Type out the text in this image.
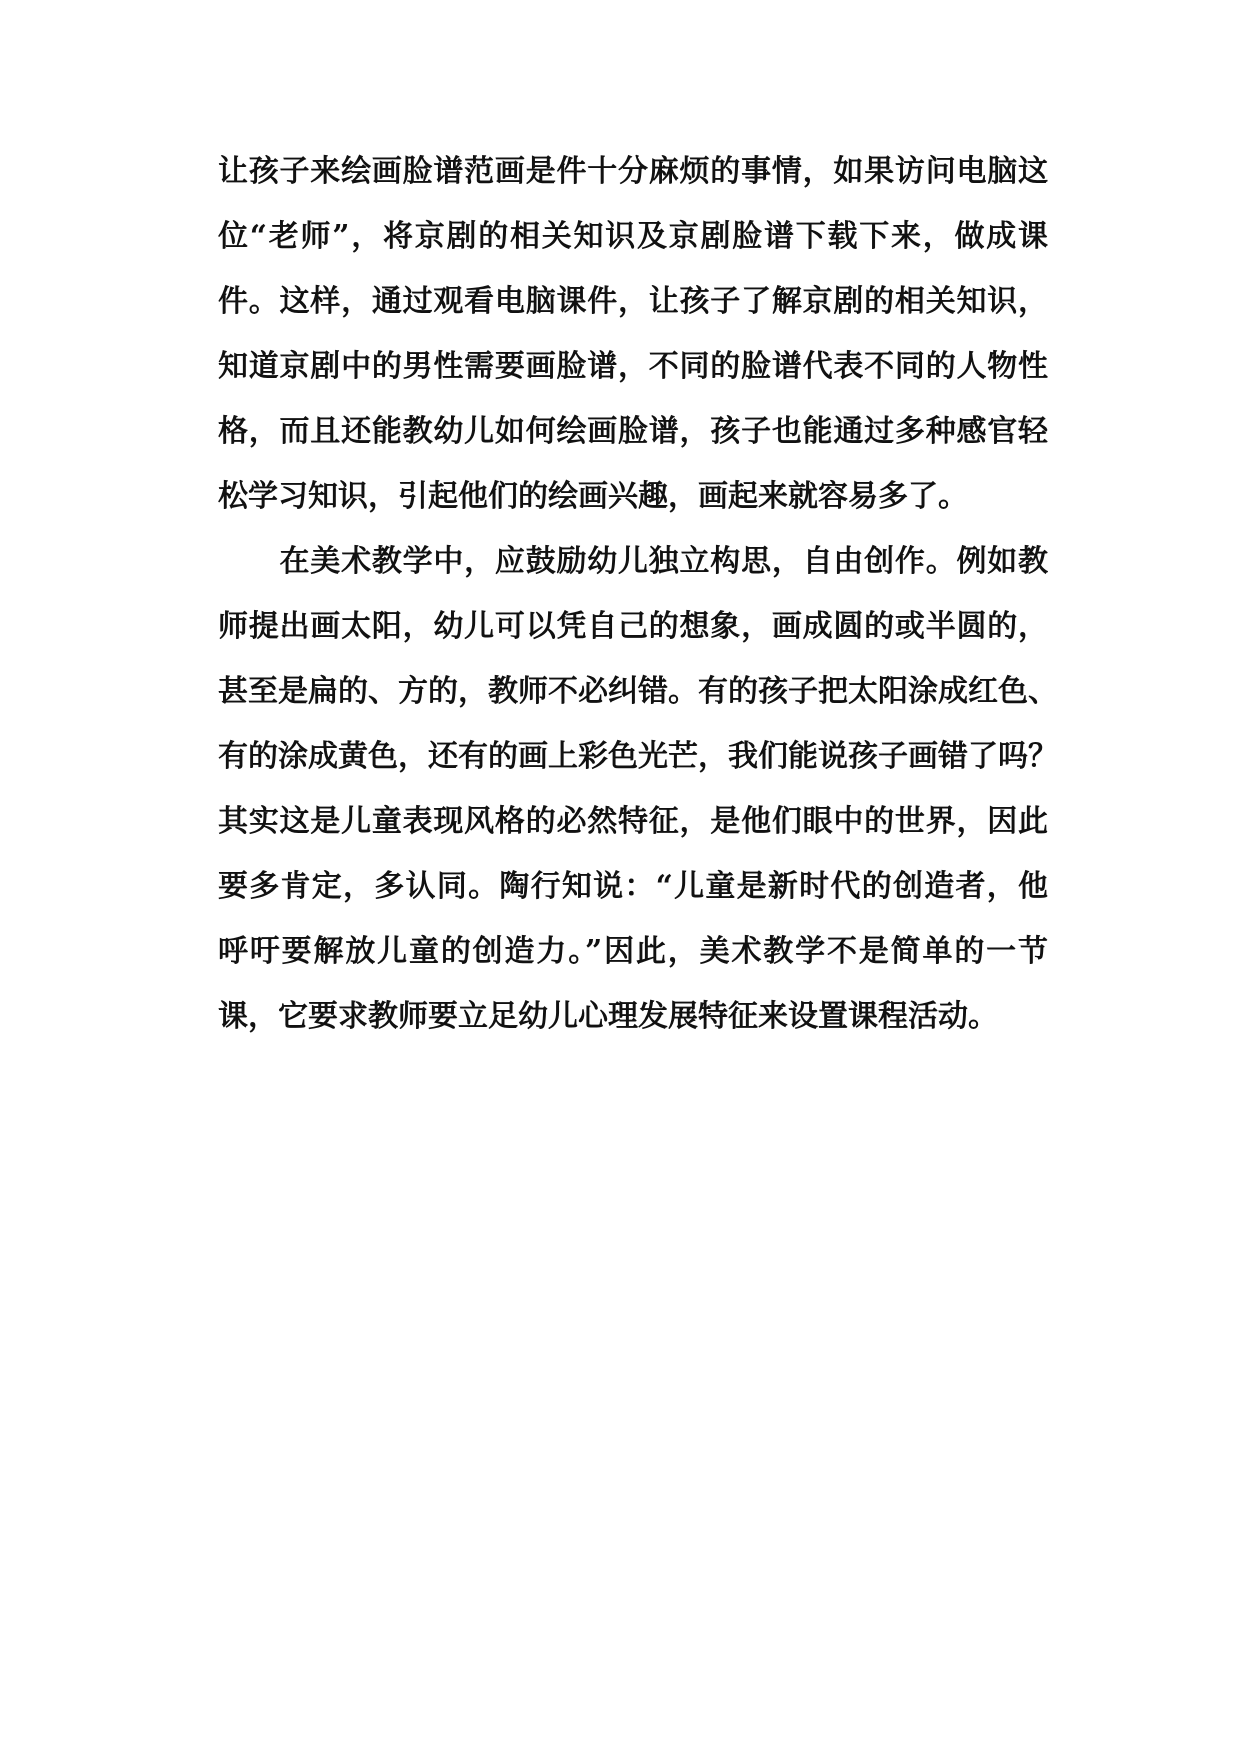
让孩子来绘画脸谱范画是件十分麻烦的事情，如果访问电脑这
位“老师”，将京剧的相关知识及京剧脸谱下载下来，做成课
件。这样，通过观看电脑课件，让孩子了解京剧的相关知识，
知道京剧中的男性需要画脸谱，不同的脸谱代表不同的人物性
格，而且还能教幼儿如何绘画脸谱，孩子也能通过多种感官轻
松学习知识，引起他们的绘画兴趣，画起来就容易多了。
　　在美术教学中，应鼓励幼儿独立构思，自由创作。例如教
师提出画太阳，幼儿可以凭自己的想象，画成圆的或半圆的，
甚至是扁的、方的，教师不必纠错。有的孩子把太阳涂成红色、
有的涂成黄色，还有的画上彩色光芒，我们能说孩子画错了吗？
其实这是儿童表现风格的必然特征，是他们眼中的世界，因此
要多肯定，多认同。陶行知说：“儿童是新时代的创造者，他
呼吁要解放儿童的创造力。”因此，美术教学不是简单的一节
课，它要求教师要立足幼儿心理发展特征来设置课程活动。
